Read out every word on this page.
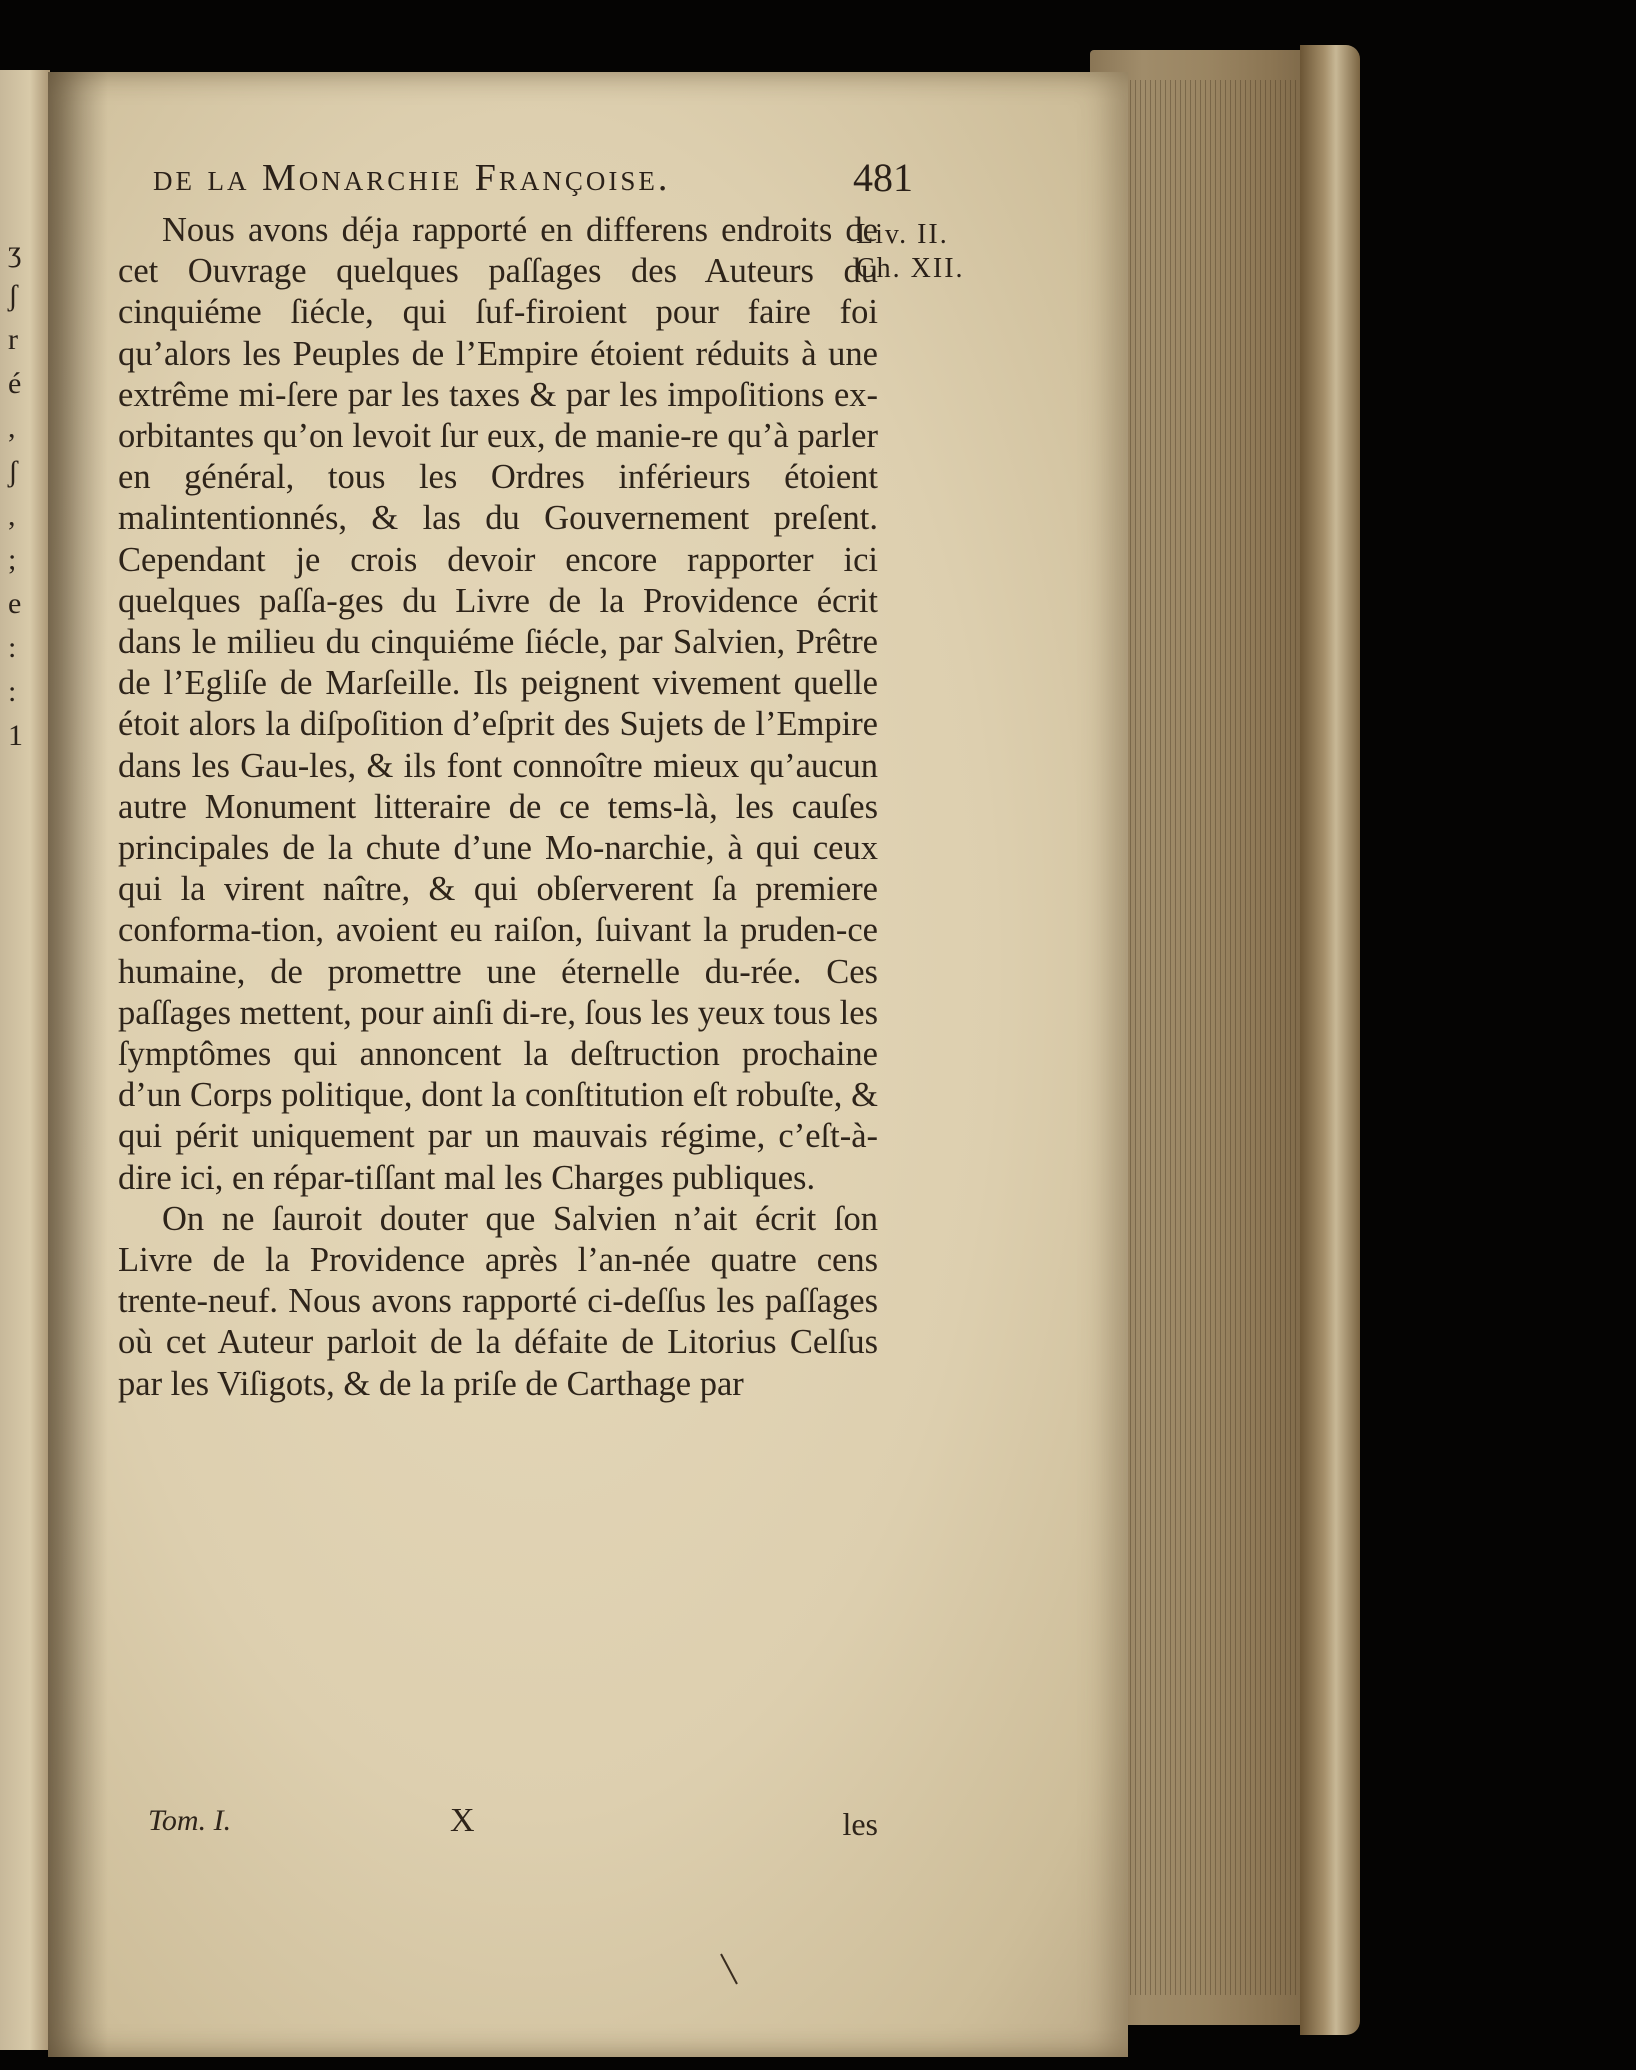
ʒ
ʃ
r
é
,
ʃ
,
;
e
:
:
1
de la Monarchie Françoise.	481
Liv. II.
Ch. XII.

Nous avons déja rapporté en differens endroits de cet Ouvrage quelques paſſages des Auteurs du cinquiéme ſiécle, qui ſuf-firoient pour faire foi qu’alors les Peuples de l’Empire étoient réduits à une extrême mi-ſere par les taxes & par les impoſitions ex-orbitantes qu’on levoit ſur eux, de manie-re qu’à parler en général, tous les Ordres inférieurs étoient malintentionnés, & las du Gouvernement preſent. Cependant je crois devoir encore rapporter ici quelques paſſa-ges du Livre de la Providence écrit dans le milieu du cinquiéme ſiécle, par Salvien, Prêtre de l’Egliſe de Marſeille. Ils peignent vivement quelle étoit alors la diſpoſition d’eſprit des Sujets de l’Empire dans les Gau-les, & ils font connoître mieux qu’aucun autre Monument litteraire de ce tems-là, les cauſes principales de la chute d’une Mo-narchie, à qui ceux qui la virent naître, & qui obſerverent ſa premiere conforma-tion, avoient eu raiſon, ſuivant la pruden-ce humaine, de promettre une éternelle du-rée. Ces paſſages mettent, pour ainſi di-re, ſous les yeux tous les ſymptômes qui annoncent la deſtruction prochaine d’un Corps politique, dont la conſtitution eſt robuſte, & qui périt uniquement par un mauvais régime, c’eſt-à-dire ici, en répar-tiſſant mal les Charges publiques.

On ne ſauroit douter que Salvien n’ait écrit ſon Livre de la Providence après l’an-née quatre cens trente-neuf. Nous avons rapporté ci-deſſus les paſſages où cet Auteur parloit de la défaite de Litorius Celſus par les Viſigots, & de la priſe de Carthage par

Tom. I.	X	les
